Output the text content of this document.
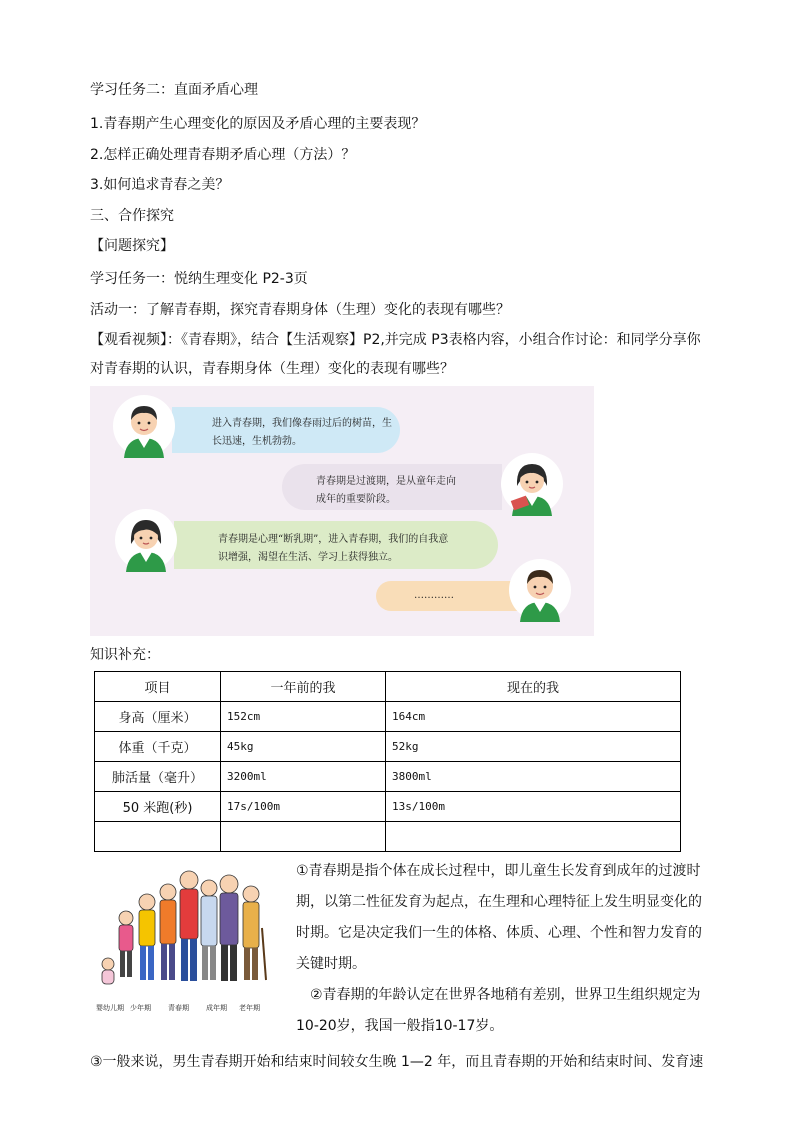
学习任务二：直面矛盾心理
1.青春期产生心理变化的原因及矛盾心理的主要表现？
2.怎样正确处理青春期矛盾心理（方法）？
3.如何追求青春之美？
三、合作探究
【问题探究】
学习任务一：悦纳生理变化 P2-3页
活动一：了解青春期，探究青春期身体（生理）变化的表现有哪些？
【观看视频】：《青春期》，结合【生活观察】P2,并完成 P3表格内容，小组合作讨论：和同学分享你对青春期的认识，青春期身体（生理）变化的表现有哪些？
进入青春期，我们像春雨过后的树苗，生
长迅速，生机勃勃。
青春期是过渡期，是从童年走向
成年的重要阶段。
青春期是心理“断乳期”，进入青春期，我们的自我意
识增强，渴望在生活、学习上获得独立。
…………
知识补充：
项目	一年前的我	现在的我
身高（厘米）	152cm	164cm
体重（千克）	45kg	52kg
肺活量（毫升）	3200ml	3800ml
50 米跑(秒)	17s/100m	13s/100m

婴幼儿期 少年期 青春期 成年期 老年期
①青春期是指个体在成长过程中，即儿童生长发育到成年的过渡时期，以第二性征发育为起点，在生理和心理特征上发生明显变化的时期。它是决定我们一生的体格、体质、心理、个性和智力发育的关键时期。
②青春期的年龄认定在世界各地稍有差别，世界卫生组织规定为10-20岁，我国一般指10-17岁。
③一般来说，男生青春期开始和结束时间较女生晚 1—2 年，而且青春期的开始和结束时间、发育速
